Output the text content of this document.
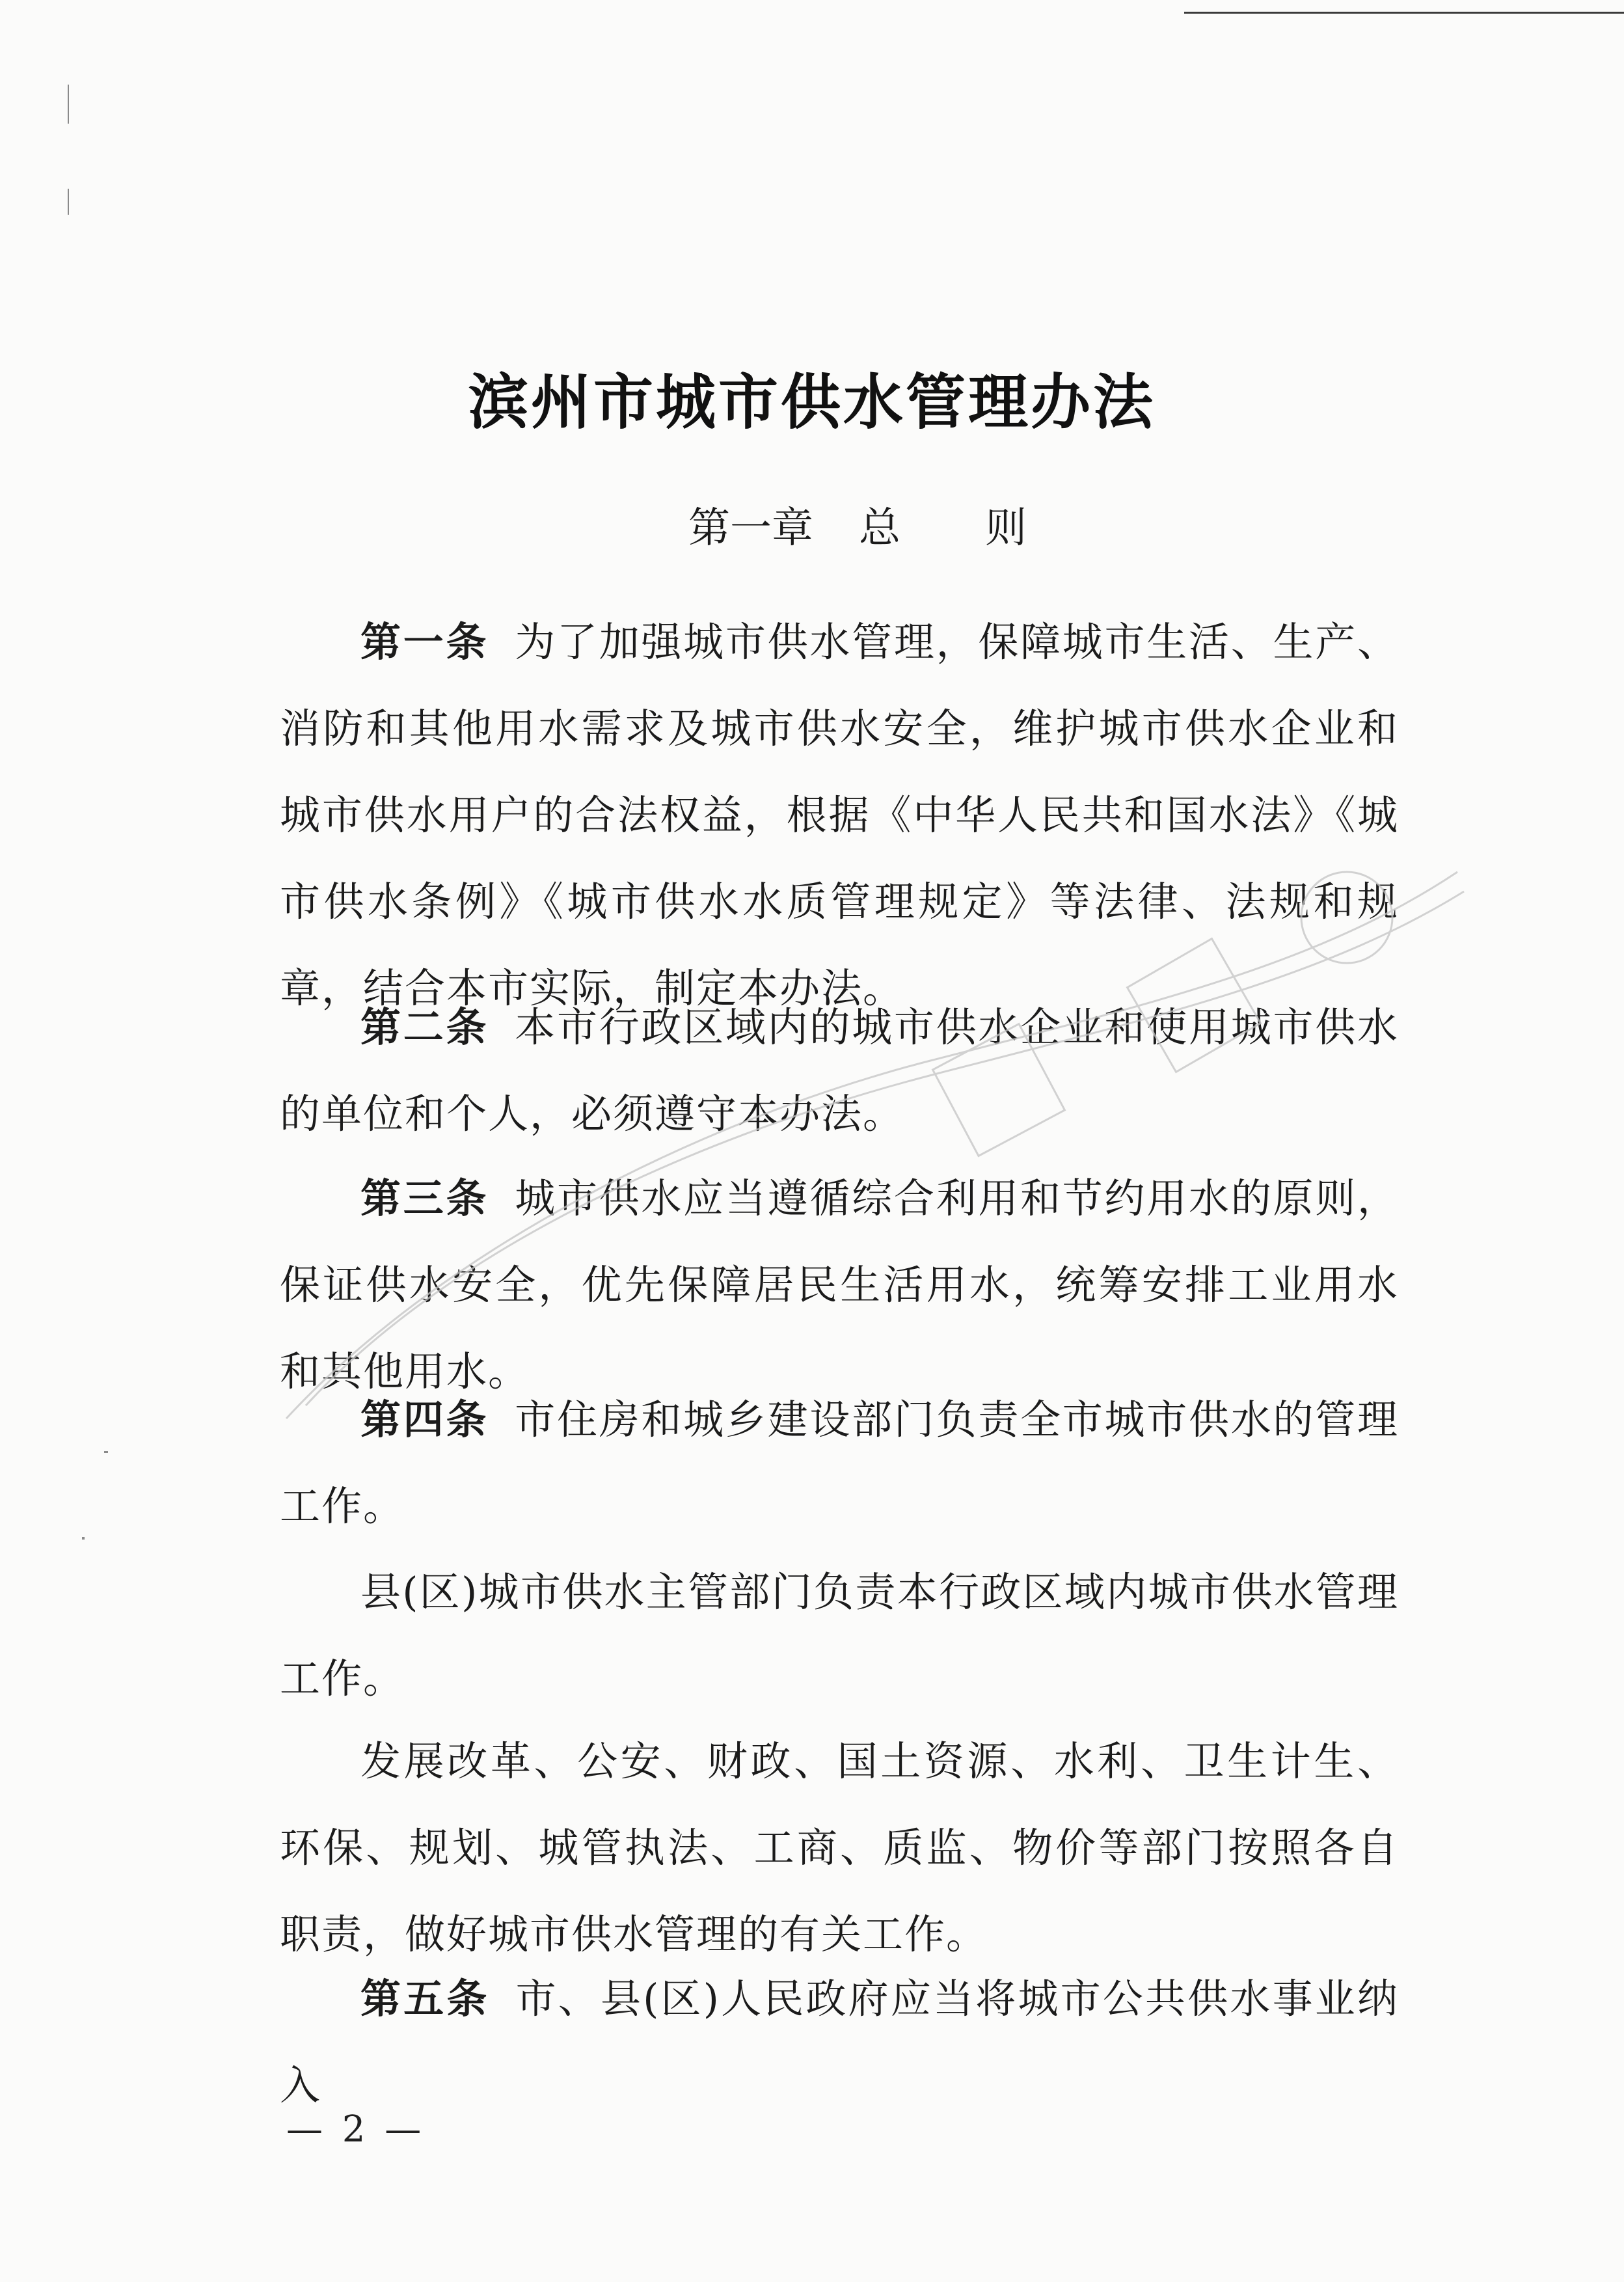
滨州市城市供水管理办法
第一章 总 则
第一条 为了加强城市供水管理，保障城市生活、生产、消防和其他用水需求及城市供水安全，维护城市供水企业和城市供水用户的合法权益，根据《中华人民共和国水法》《城市供水条例》《城市供水水质管理规定》等法律、法规和规章，结合本市实际，制定本办法。
第二条 本市行政区域内的城市供水企业和使用城市供水的单位和个人，必须遵守本办法。
第三条 城市供水应当遵循综合利用和节约用水的原则，保证供水安全，优先保障居民生活用水，统筹安排工业用水和其他用水。
第四条 市住房和城乡建设部门负责全市城市供水的管理工作。
县(区)城市供水主管部门负责本行政区域内城市供水管理工作。
发展改革、公安、财政、国土资源、水利、卫生计生、环保、规划、城管执法、工商、质监、物价等部门按照各自职责，做好城市供水管理的有关工作。
第五条 市、县(区)人民政府应当将城市公共供水事业纳入
— 2 —
